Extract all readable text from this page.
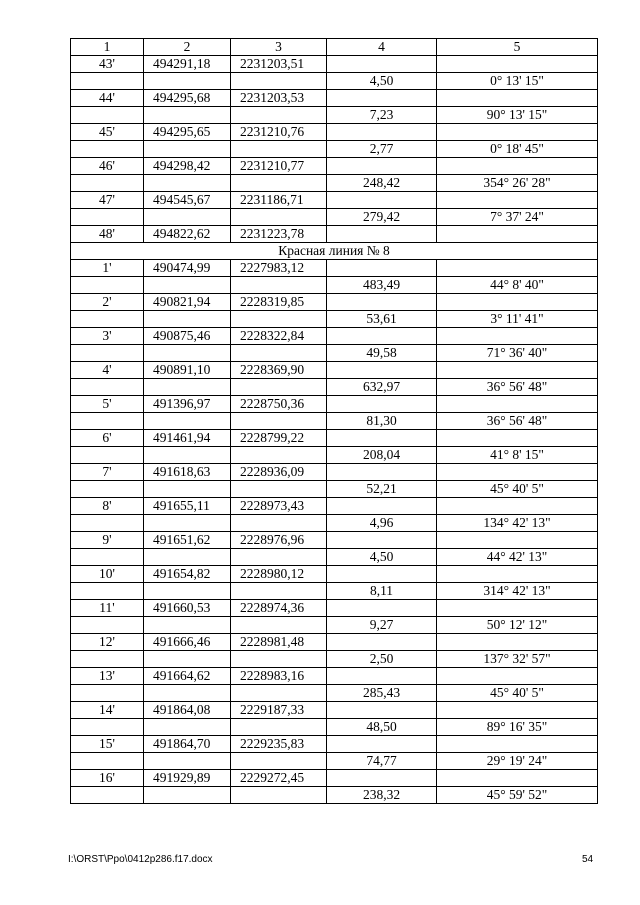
1	2	3	4	5
43'	494291,18	2231203,51		
			4,50	0° 13' 15"
44'	494295,68	2231203,53		
			7,23	90° 13' 15"
45'	494295,65	2231210,76		
			2,77	0° 18' 45"
46'	494298,42	2231210,77		
			248,42	354° 26' 28"
47'	494545,67	2231186,71		
			279,42	7° 37' 24"
48'	494822,62	2231223,78		
Красная линия № 8				
1'	490474,99	2227983,12		
			483,49	44° 8' 40"
2'	490821,94	2228319,85		
			53,61	3° 11' 41"
3'	490875,46	2228322,84		
			49,58	71° 36' 40"
4'	490891,10	2228369,90		
			632,97	36° 56' 48"
5'	491396,97	2228750,36		
			81,30	36° 56' 48"
6'	491461,94	2228799,22		
			208,04	41° 8' 15"
7'	491618,63	2228936,09		
			52,21	45° 40' 5"
8'	491655,11	2228973,43		
			4,96	134° 42' 13"
9'	491651,62	2228976,96		
			4,50	44° 42' 13"
10'	491654,82	2228980,12		
			8,11	314° 42' 13"
11'	491660,53	2228974,36		
			9,27	50° 12' 12"
12'	491666,46	2228981,48		
			2,50	137° 32' 57"
13'	491664,62	2228983,16		
			285,43	45° 40' 5"
14'	491864,08	2229187,33		
			48,50	89° 16' 35"
15'	491864,70	2229235,83		
			74,77	29° 19' 24"
16'	491929,89	2229272,45		
			238,32	45° 59' 52"
I:\ORST\Ppo\0412p286.f17.docx	54
